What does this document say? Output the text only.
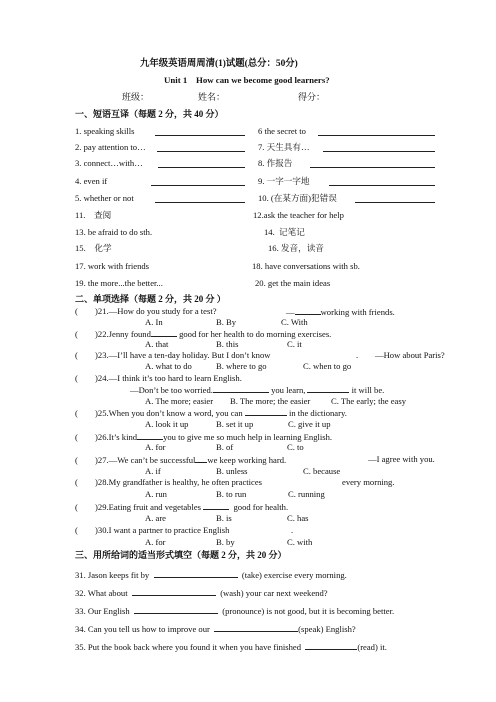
九年级英语周周清(1)试题(总分：50分)
Unit 1    How can we become good learners?
班级：	姓名：	得分：
一、短语互译（每题 2 分，共 40 分）
1. speaking skills	6 the secret to
2. pay attention to…	7. 天生具有…
3. connect…with…	8. 作报告
4. even if	9. 一字一字地
5. whether or not	10. (在某方面)犯错误
11. 查阅	12.ask the teacher for help
13. be afraid to do sth.	14. 记笔记
15. 化学	16. 发音，读音
17. work with friends	18. have conversations with sb.
19. the more...the better...	20. get the main ideas
二、单项选择（每题 2 分，共 20 分 ）
(        )21.—How do you study for a test?	—	working with friends.
A. In	B. By	C. With
(        )22.Jenny found	good for her health to do morning exercises.
A. that	B. this	C. it
(        )23.—I’ll have a ten-day holiday. But I don’t know	. —How about Paris?
A. what to do	B. where to go	C. when to go
(        )24.—I think it’s too hard to learn English.
—Don’t be too worried.	you learn,	it will be.
A. The more; easier B. The more; the easier C. The early; the easy
(        )25.When you don’t know a word, you can	in the dictionary.
A. look it up	B. set it up	C. give it up
(        )26.It’s kind	you to give me so much help in learning English.
A. for	B. of	C. to
(        )27.—We can’t be successful we keep working hard.	—I agree with you.
A. if	B. unless	C. because
(        )28.My grandfather is healthy, he often practices	every morning.
A. run	B. to run	C. running
(        )29.Eating fruit and vegetables	good for health.
A. are	B. is	C. has
(        )30.I want a partner to practice English	.
A. for	B. by	C. with
三、用所给词的适当形式填空（每题 2 分，共 20 分）
31. Jason keeps fit by	(take) exercise every morning.
32. What about	(wash) your car next weekend?
33. Our English	(pronounce) is not good, but it is becoming better.
34. Can you tell us how to improve our	(speak) English?
35. Put the book back where you found it when you have finished	(read) it.
